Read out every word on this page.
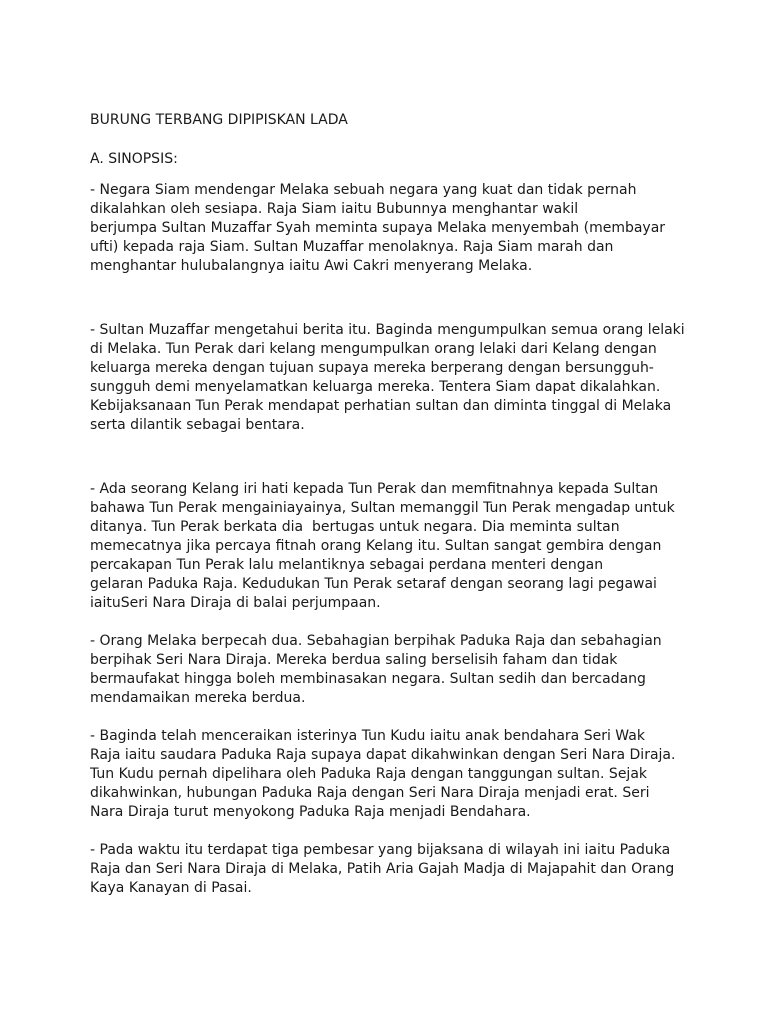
BURUNG TERBANG DIPIPISKAN LADA

A. SINOPSIS:

- Negara Siam mendengar Melaka sebuah negara yang kuat dan tidak pernah
dikalahkan oleh sesiapa. Raja Siam iaitu Bubunnya menghantar wakil
berjumpa Sultan Muzaffar Syah meminta supaya Melaka menyembah (membayar
ufti) kepada raja Siam. Sultan Muzaffar menolaknya. Raja Siam marah dan
menghantar hulubalangnya iaitu Awi Cakri menyerang Melaka.

- Sultan Muzaffar mengetahui berita itu. Baginda mengumpulkan semua orang lelaki
di Melaka. Tun Perak dari kelang mengumpulkan orang lelaki dari Kelang dengan
keluarga mereka dengan tujuan supaya mereka berperang dengan bersungguh-
sungguh demi menyelamatkan keluarga mereka. Tentera Siam dapat dikalahkan.
Kebijaksanaan Tun Perak mendapat perhatian sultan dan diminta tinggal di Melaka
serta dilantik sebagai bentara.

- Ada seorang Kelang iri hati kepada Tun Perak dan memfitnahnya kepada Sultan
bahawa Tun Perak mengainiayainya, Sultan memanggil Tun Perak mengadap untuk
ditanya. Tun Perak berkata dia  bertugas untuk negara. Dia meminta sultan
memecatnya jika percaya fitnah orang Kelang itu. Sultan sangat gembira dengan
percakapan Tun Perak lalu melantiknya sebagai perdana menteri dengan
gelaran Paduka Raja. Kedudukan Tun Perak setaraf dengan seorang lagi pegawai
iaituSeri Nara Diraja di balai perjumpaan.

- Orang Melaka berpecah dua. Sebahagian berpihak Paduka Raja dan sebahagian
berpihak Seri Nara Diraja. Mereka berdua saling berselisih faham dan tidak
bermaufakat hingga boleh membinasakan negara. Sultan sedih dan bercadang
mendamaikan mereka berdua.

- Baginda telah menceraikan isterinya Tun Kudu iaitu anak bendahara Seri Wak
Raja iaitu saudara Paduka Raja supaya dapat dikahwinkan dengan Seri Nara Diraja.
Tun Kudu pernah dipelihara oleh Paduka Raja dengan tanggungan sultan. Sejak
dikahwinkan, hubungan Paduka Raja dengan Seri Nara Diraja menjadi erat. Seri
Nara Diraja turut menyokong Paduka Raja menjadi Bendahara.

- Pada waktu itu terdapat tiga pembesar yang bijaksana di wilayah ini iaitu Paduka
Raja dan Seri Nara Diraja di Melaka, Patih Aria Gajah Madja di Majapahit dan Orang
Kaya Kanayan di Pasai.
